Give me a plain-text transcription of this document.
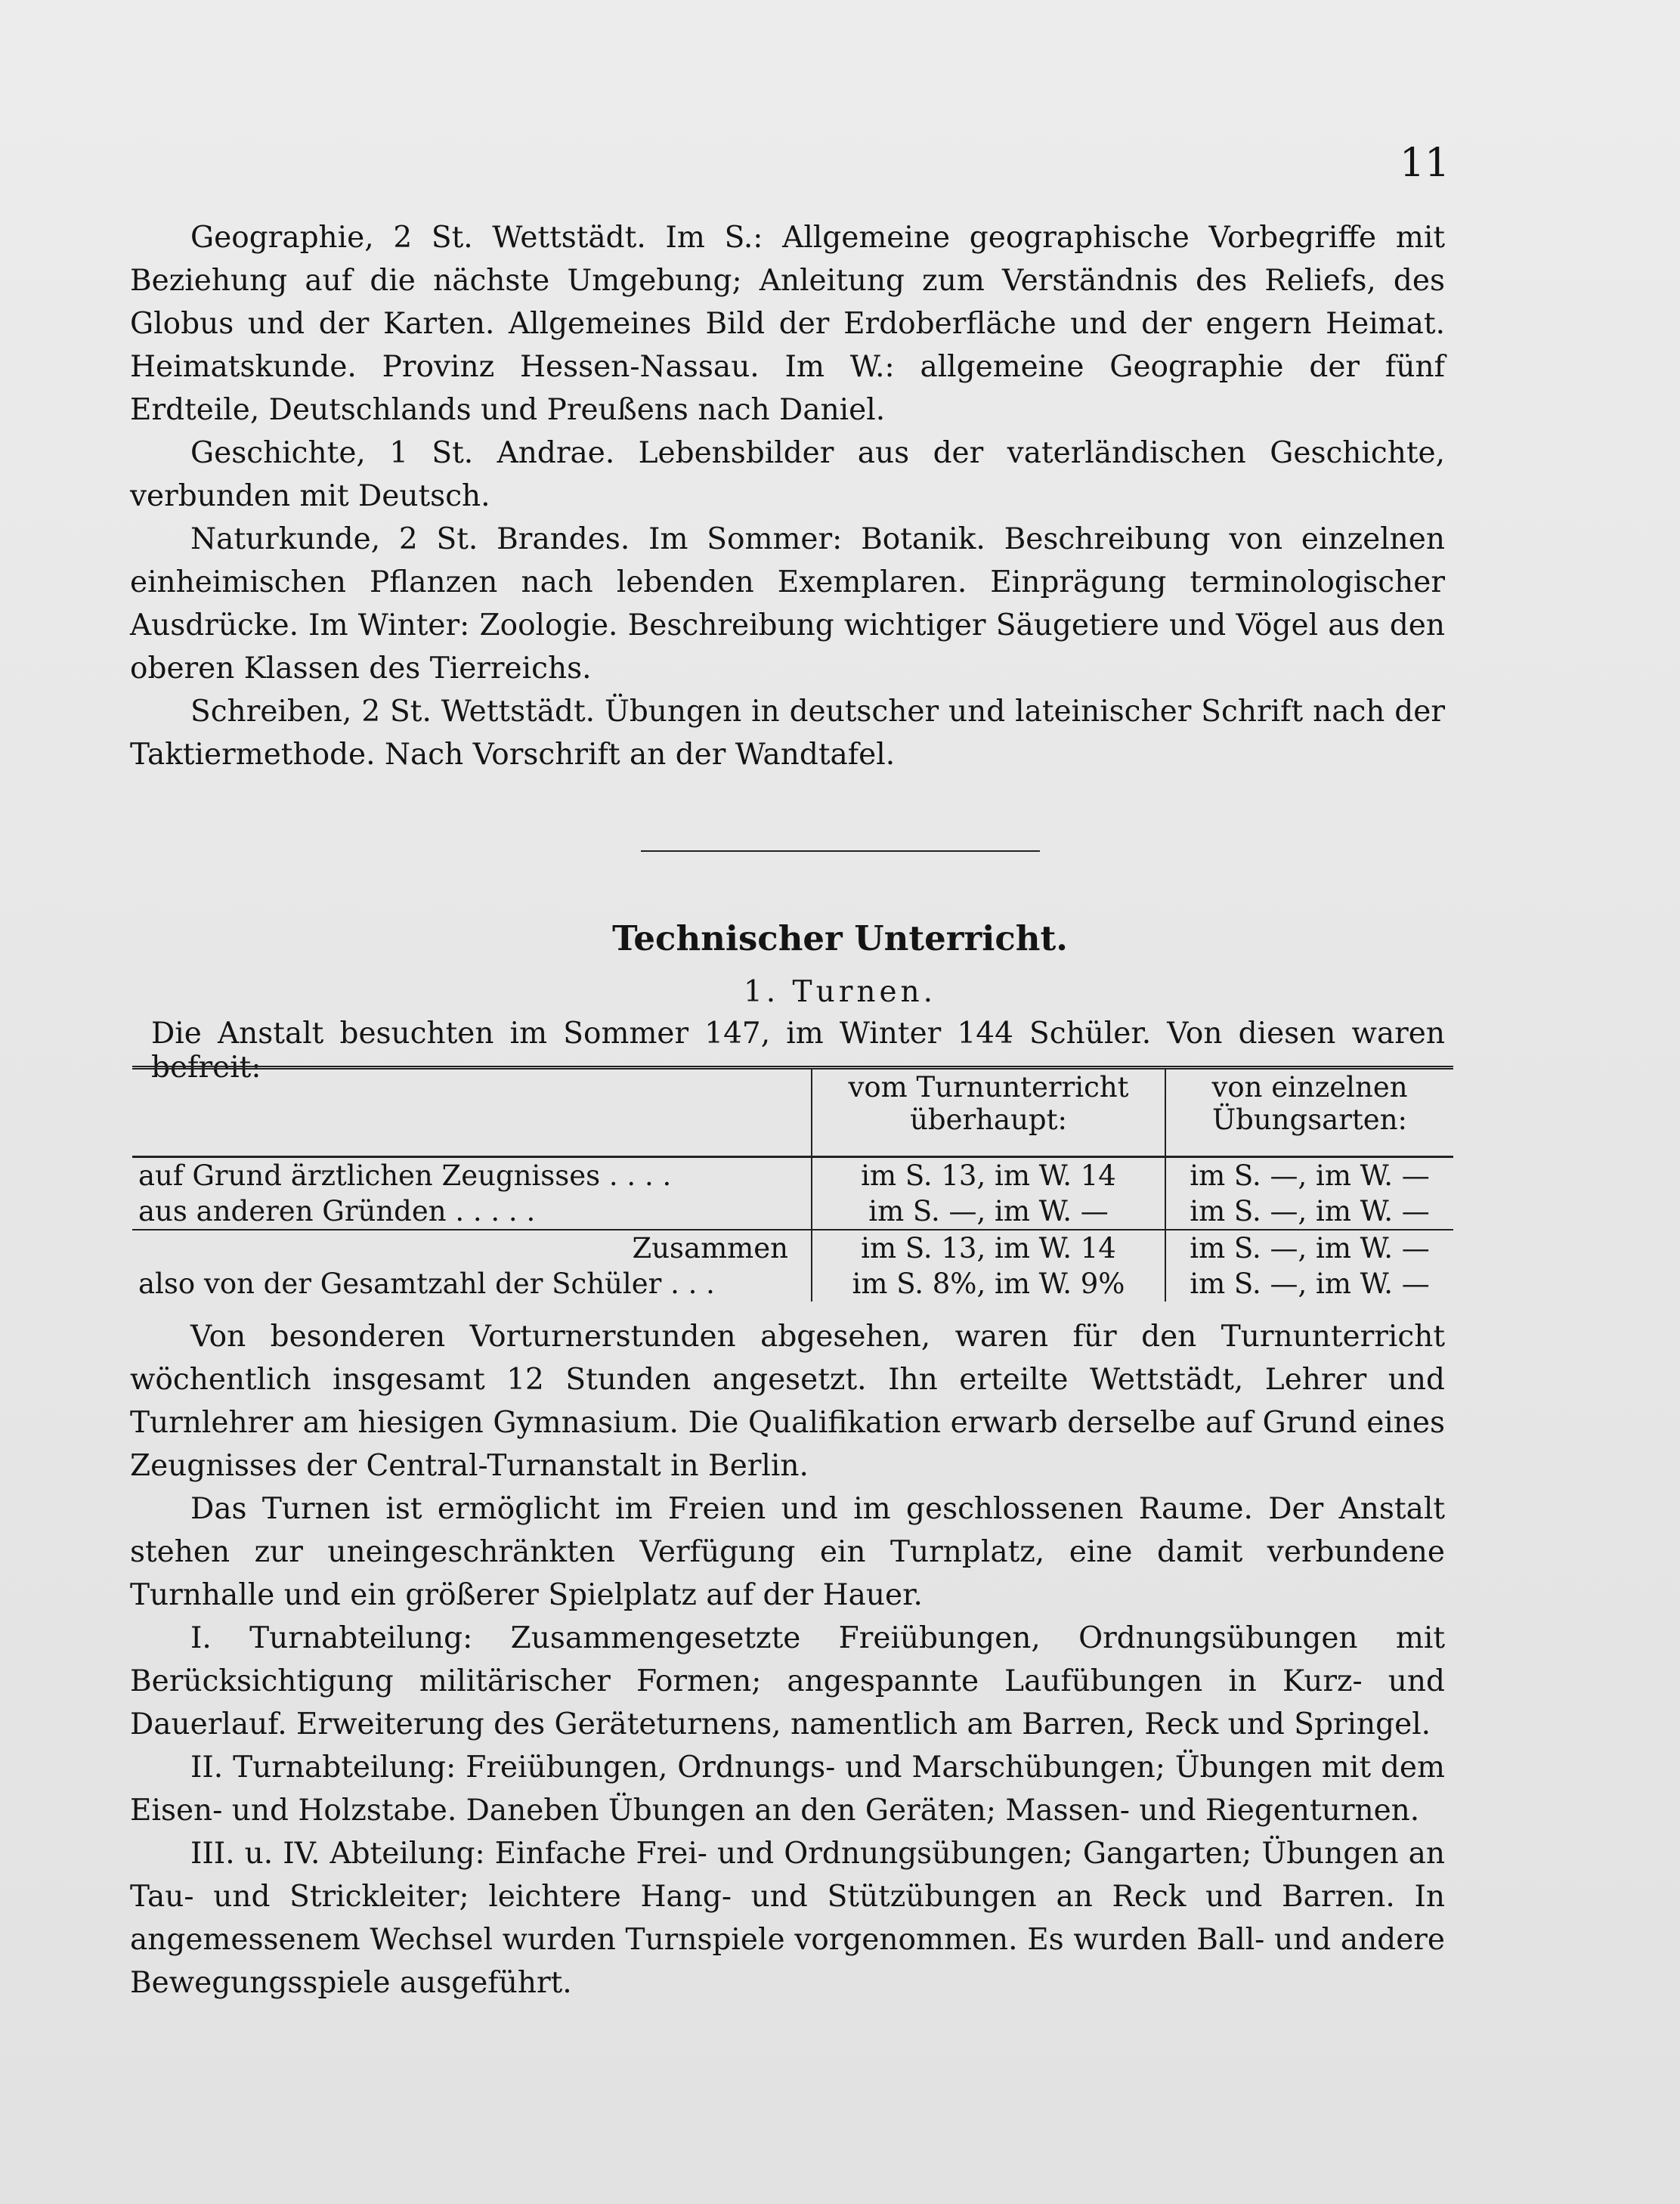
11

Geographie, 2 St. Wettstädt. Im S.: Allgemeine geographische Vorbegriffe mit Beziehung auf die nächste Umgebung; Anleitung zum Verständnis des Reliefs, des Globus und der Karten. Allgemeines Bild der Erdoberfläche und der engern Heimat. Heimatskunde. Provinz Hessen-Nassau. Im W.: allgemeine Geographie der fünf Erdteile, Deutschlands und Preußens nach Daniel.

Geschichte, 1 St. Andrae. Lebensbilder aus der vaterländischen Geschichte, verbunden mit Deutsch.

Naturkunde, 2 St. Brandes. Im Sommer: Botanik. Beschreibung von einzelnen einheimischen Pflanzen nach lebenden Exemplaren. Einprägung terminologischer Ausdrücke. Im Winter: Zoologie. Beschreibung wichtiger Säugetiere und Vögel aus den oberen Klassen des Tierreichs.

Schreiben, 2 St. Wettstädt. Übungen in deutscher und lateinischer Schrift nach der Taktiermethode. Nach Vorschrift an der Wandtafel.

Technischer Unterricht.
1. Turnen.
Die Anstalt besuchten im Sommer 147, im Winter 144 Schüler. Von diesen waren befreit:
	vom Turnunterricht überhaupt:	von einzelnen Übungsarten:
auf Grund ärztlichen Zeugnisses . . . .	im S. 13, im W. 14	im S. —, im W. —
aus anderen Gründen . . . . .	im S. —, im W. —	im S. —, im W. —
Zusammen	im S. 13, im W. 14	im S. —, im W. —
also von der Gesamtzahl der Schüler . . .	im S. 8%, im W. 9%	im S. —, im W. —

Von besonderen Vorturnerstunden abgesehen, waren für den Turnunterricht wöchentlich insgesamt 12 Stunden angesetzt. Ihn erteilte Wettstädt, Lehrer und Turnlehrer am hiesigen Gymnasium. Die Qualifikation erwarb derselbe auf Grund eines Zeugnisses der Central-Turnanstalt in Berlin.

Das Turnen ist ermöglicht im Freien und im geschlossenen Raume. Der Anstalt stehen zur uneingeschränkten Verfügung ein Turnplatz, eine damit verbundene Turnhalle und ein größerer Spielplatz auf der Hauer.

I. Turnabteilung: Zusammengesetzte Freiübungen, Ordnungsübungen mit Berücksichtigung militärischer Formen; angespannte Laufübungen in Kurz- und Dauerlauf. Erweiterung des Geräteturnens, namentlich am Barren, Reck und Springel.

II. Turnabteilung: Freiübungen, Ordnungs- und Marschübungen; Übungen mit dem Eisen- und Holzstabe. Daneben Übungen an den Geräten; Massen- und Riegenturnen.

III. u. IV. Abteilung: Einfache Frei- und Ordnungsübungen; Gangarten; Übungen an Tau- und Strickleiter; leichtere Hang- und Stützübungen an Reck und Barren. In angemessenem Wechsel wurden Turnspiele vorgenommen. Es wurden Ball- und andere Bewegungsspiele ausgeführt.
